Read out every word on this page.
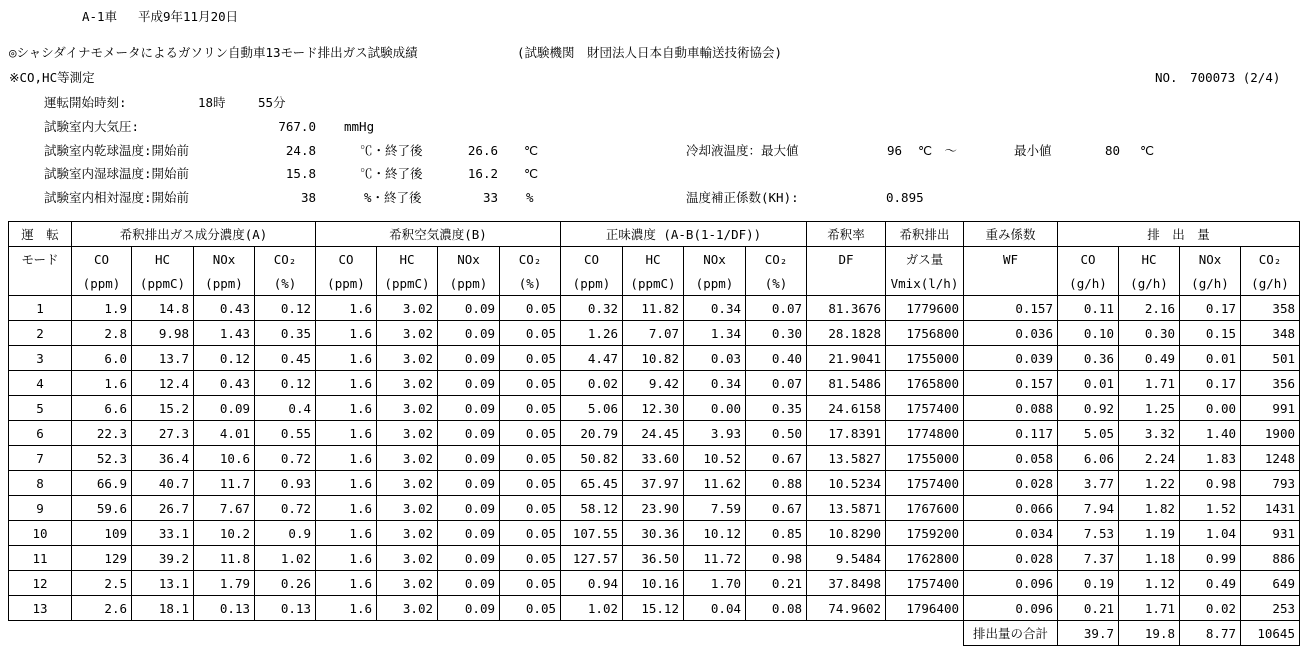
A-1車 平成9年11月20日
◎シャシダイナモメータによるガソリン自動車13モード排出ガス試験成績	(試験機関　財団法人日本自動車輸送技術協会)
※CO,HC等測定	NO.　700073 (2/4)
運転開始時刻:	18時	55分
試験室内大気圧:	767.0 mmHg
試験室内乾球温度:開始前	24.8	℃・終了後	26.6 ℃
試験室内湿球温度:開始前	15.8	℃・終了後	16.2 ℃
試験室内相対湿度:開始前	38	%・終了後	33 %
冷却液温度：最大値	96 ℃　～	最小値	80 ℃
温度補正係数(KH):	0.895
運　転	希釈排出ガス成分濃度(A)				希釈空気濃度(B)				正味濃度 (A-B(1-1/DF))				希釈率	希釈排出	重み係数	排　出　量			
モード	CO	HC	NOx	CO₂	CO	HC	NOx	CO₂	CO	HC	NOx	CO₂	DF	ガス量	WF	CO	HC	NOx	CO₂
	(ppm)	(ppmC)	(ppm)	(%)	(ppm)	(ppmC)	(ppm)	(%)	(ppm)	(ppmC)	(ppm)	(%)		Vmix(l/h)		(g/h)	(g/h)	(g/h)	(g/h)
1	1.9	14.8	0.43	0.12	1.6	3.02	0.09	0.05	0.32	11.82	0.34	0.07	81.3676	1779600	0.157	0.11	2.16	0.17	358
2	2.8	9.98	1.43	0.35	1.6	3.02	0.09	0.05	1.26	7.07	1.34	0.30	28.1828	1756800	0.036	0.10	0.30	0.15	348
3	6.0	13.7	0.12	0.45	1.6	3.02	0.09	0.05	4.47	10.82	0.03	0.40	21.9041	1755000	0.039	0.36	0.49	0.01	501
4	1.6	12.4	0.43	0.12	1.6	3.02	0.09	0.05	0.02	9.42	0.34	0.07	81.5486	1765800	0.157	0.01	1.71	0.17	356
5	6.6	15.2	0.09	0.4	1.6	3.02	0.09	0.05	5.06	12.30	0.00	0.35	24.6158	1757400	0.088	0.92	1.25	0.00	991
6	22.3	27.3	4.01	0.55	1.6	3.02	0.09	0.05	20.79	24.45	3.93	0.50	17.8391	1774800	0.117	5.05	3.32	1.40	1900
7	52.3	36.4	10.6	0.72	1.6	3.02	0.09	0.05	50.82	33.60	10.52	0.67	13.5827	1755000	0.058	6.06	2.24	1.83	1248
8	66.9	40.7	11.7	0.93	1.6	3.02	0.09	0.05	65.45	37.97	11.62	0.88	10.5234	1757400	0.028	3.77	1.22	0.98	793
9	59.6	26.7	7.67	0.72	1.6	3.02	0.09	0.05	58.12	23.90	7.59	0.67	13.5871	1767600	0.066	7.94	1.82	1.52	1431
10	109	33.1	10.2	0.9	1.6	3.02	0.09	0.05	107.55	30.36	10.12	0.85	10.8290	1759200	0.034	7.53	1.19	1.04	931
11	129	39.2	11.8	1.02	1.6	3.02	0.09	0.05	127.57	36.50	11.72	0.98	9.5484	1762800	0.028	7.37	1.18	0.99	886
12	2.5	13.1	1.79	0.26	1.6	3.02	0.09	0.05	0.94	10.16	1.70	0.21	37.8498	1757400	0.096	0.19	1.12	0.49	649
13	2.6	18.1	0.13	0.13	1.6	3.02	0.09	0.05	1.02	15.12	0.04	0.08	74.9602	1796400	0.096	0.21	1.71	0.02	253
															排出量の合計	39.7	19.8	8.77	10645
